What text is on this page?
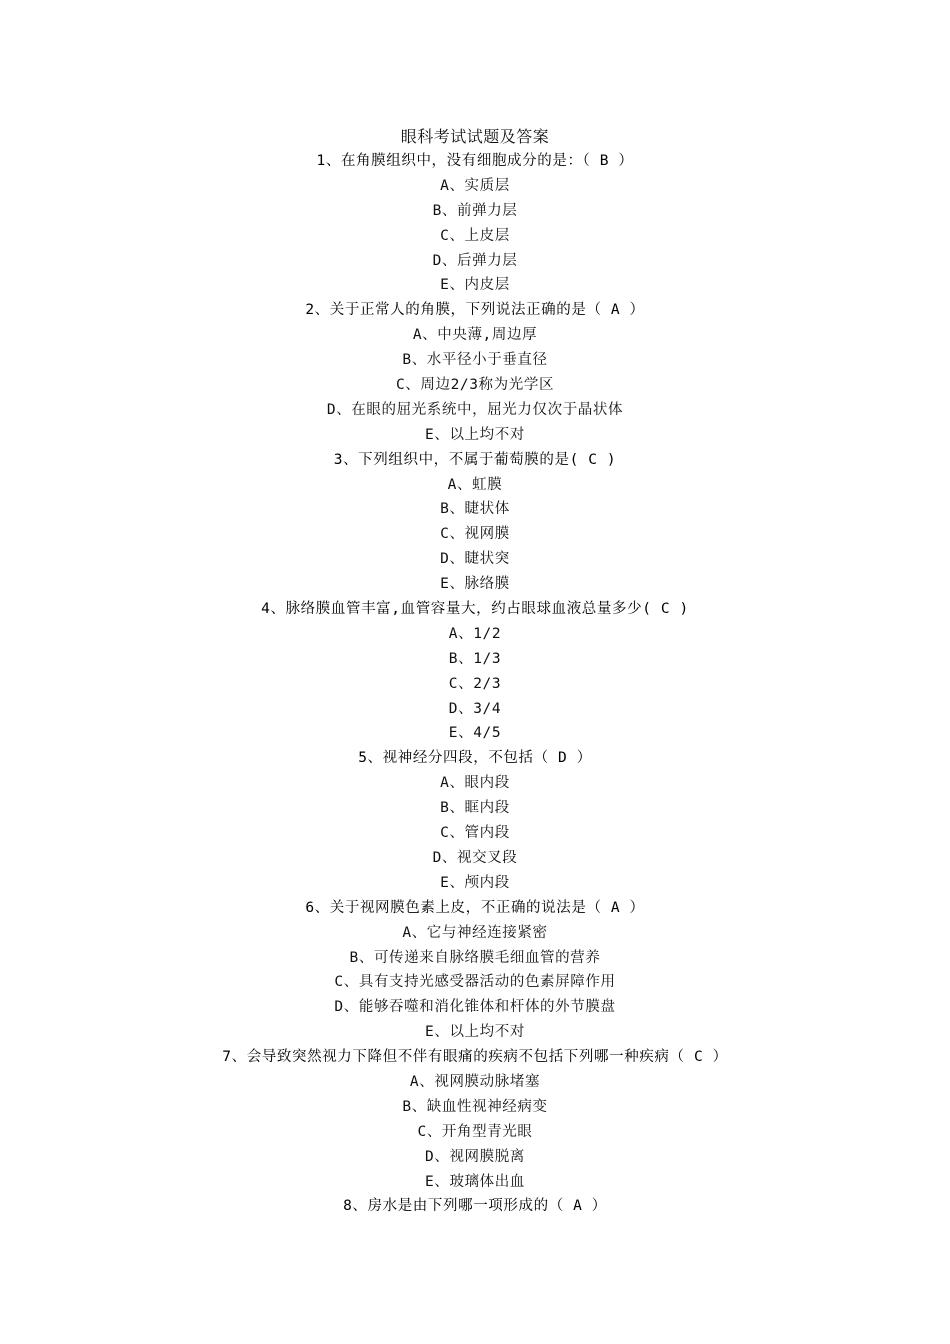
眼科考试试题及答案
1、在角膜组织中，没有细胞成分的是：（ B ）
A、实质层
B、前弹力层
C、上皮层
D、后弹力层
E、内皮层
2、关于正常人的角膜，下列说法正确的是（ A ）
A、中央薄,周边厚
B、水平径小于垂直径
C、周边2/3称为光学区
D、在眼的屈光系统中，屈光力仅次于晶状体
E、以上均不对
3、下列组织中，不属于葡萄膜的是( C )
A、虹膜
B、睫状体
C、视网膜
D、睫状突
E、脉络膜
4、脉络膜血管丰富,血管容量大，约占眼球血液总量多少( C )
A、1/2
B、1/3
C、2/3
D、3/4
E、4/5
5、视神经分四段，不包括（ D ）
A、眼内段
B、眶内段
C、管内段
D、视交叉段
E、颅内段
6、关于视网膜色素上皮，不正确的说法是（ A ）
A、它与神经连接紧密
B、可传递来自脉络膜毛细血管的营养
C、具有支持光感受器活动的色素屏障作用
D、能够吞噬和消化锥体和杆体的外节膜盘
E、以上均不对
7、会导致突然视力下降但不伴有眼痛的疾病不包括下列哪一种疾病（ C ）
A、视网膜动脉堵塞
B、缺血性视神经病变
C、开角型青光眼
D、视网膜脱离
E、玻璃体出血
8、房水是由下列哪一项形成的（ A ）
